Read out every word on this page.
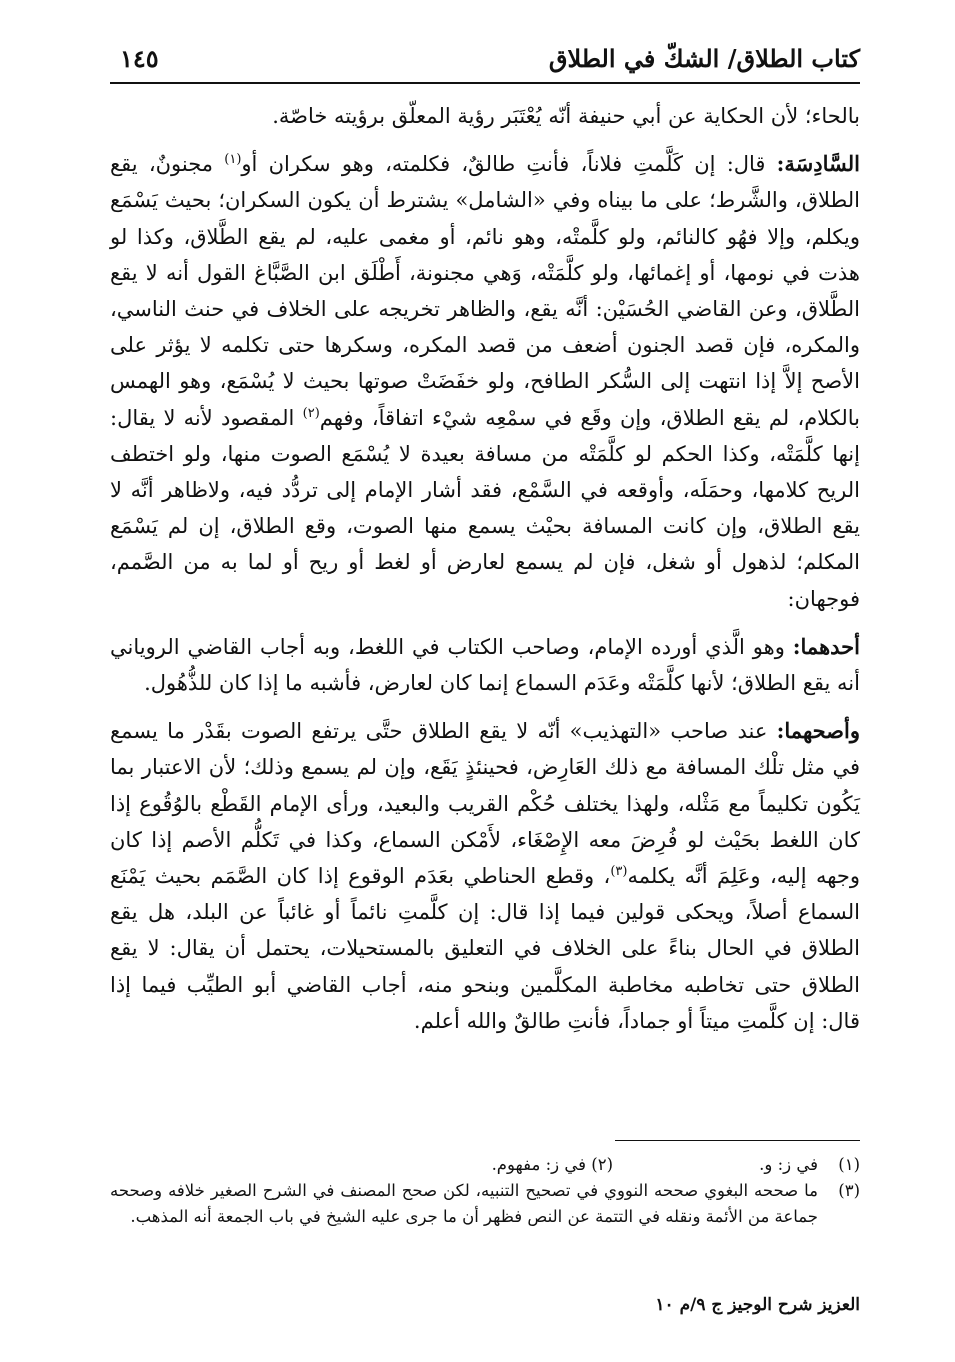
كتاب الطلاق/ الشكّ في الطلاق
١٤٥

بالحاء؛ لأن الحكاية عن أبي حنيفة أنّه يُعْتَبَر رؤية المعلّق برؤيته خاصّة.

السَّادِسَة: قال: إن كَلَّمتِ فلاناً، فأنتِ طالقٌ، فكلمته، وهو سكران أو$^{(١)}$ مجنونٌ، يقع الطلاق، والشَّرط؛ على ما بيناه وفي «الشامل» يشترط أن يكون السكران؛ بحيث يَسْمَع ويكلم، وإلا فهُو كالنائم، ولو كلَّمتْه، وهو نائم، أو مغمى عليه، لم يقع الطَّلاق، وكذا لو هذت في نومها، أو إغمائها، ولو كلَّمَتْه، وَهي مجنونة، أَطْلَق ابن الصَّبَّاغ القول أنه لا يقع الطَّلاق، وعن القاضي الحُسَيْن: أنَّه يقع، والظاهر تخريجه على الخلاف في حنث الناسي، والمكره، فإن قصد الجنون أضعف من قصد المكره، وسكرها حتى تكلمه لا يؤثر على الأصح إلاَّ إذا انتهت إلى السُّكر الطافح، ولو خفَضَتْ صوتها بحيث لا يُسْمَع، وهو الهمس بالكلام، لم يقع الطلاق، وإن وقَع في سمْعِه شيْء اتفاقاً، وفهم$^{(٢)}$ المقصود لأنه لا يقال: إنها كلَّمَتْه، وكذا الحكم لو كلَّمَتْه من مسافة بعيدة لا يُسْمَع الصوت منها، ولو اختطف الريح كلامها، وحمَلَه، وأوقعه في السَّمْع، فقد أشار الإمام إلى تردُّد فيه، ولاظاهر أنَّه لا يقع الطلاق، وإن كانت المسافة بحيْث يسمع منها الصوت، وقع الطلاق، إن لم يَسْمَع المكلم؛ لذهول أو شغل، فإن لم يسمع لعارض أو لغط أو ريح أو لما به من الصَّمم، فوجهان:

أحدهما: وهو الَّذي أورده الإمام، وصاحب الكتاب في اللغط، وبه أجاب القاضي الروياني أنه يقع الطلاق؛ لأنها كلَّمَتْه وعَدَم السماع إنما كان لعارض، فأشبه ما إذا كان للذُّهُول.

وأصحهما: عند صاحب «التهذيب» أنّه لا يقع الطلاق حتَّى يرتفع الصوت بقَدْر ما يسمع في مثل تلْك المسافة مع ذلك العَارِض، فحينئذٍ يَقَع، وإن لم يسمع وذلك؛ لأن الاعتبار بما يَكُون تكليماً مع مَثْله، ولهذا يختلف حُكْم القريب والبعيد، ورأى الإمام القَطْع بالوُقُوع إذا كان اللغط بحَيْث لو فُرِضَ معه الإِصْغَاء، لأَمْكن السماع، وكذا في تَكلُّم الأصم إذا كان وجهه إليه، وعَلِمَ أنَّه يكلمه$^{(٣)}$، وقطع الحناطي بعَدَم الوقوع إذا كان الصَّمَم بحيث يَمْنَع السماع أصلاً، ويحكى قولين فيما إذا قال: إن كلَّمتِ نائماً أو غائباً عن البلد، هل يقع الطلاق في الحال بناءً على الخلاف في التعليق بالمستحيلات، يحتمل أن يقال: لا يقع الطلاق حتى تخاطبه مخاطبة المكلَّمين وبنحو منه، أجاب القاضي أبو الطيِّب فيما إذا قال: إن كلَّمتِ ميتاً أو جماداً، فأنتِ طالقٌ والله أعلم.

(١)
في ز: و.
(٢) في ز: مفهوم.
(٣)
ما صححه البغوي صححه النووي في تصحيح التنبيه، لكن صحح المصنف في الشرح الصغير خلافه وصححه جماعة من الأئمة ونقله في التتمة عن النص فظهر أن ما جرى عليه الشيخ في باب الجمعة أنه المذهب.
العزيز شرح الوجيز ج ٩/م ١٠
